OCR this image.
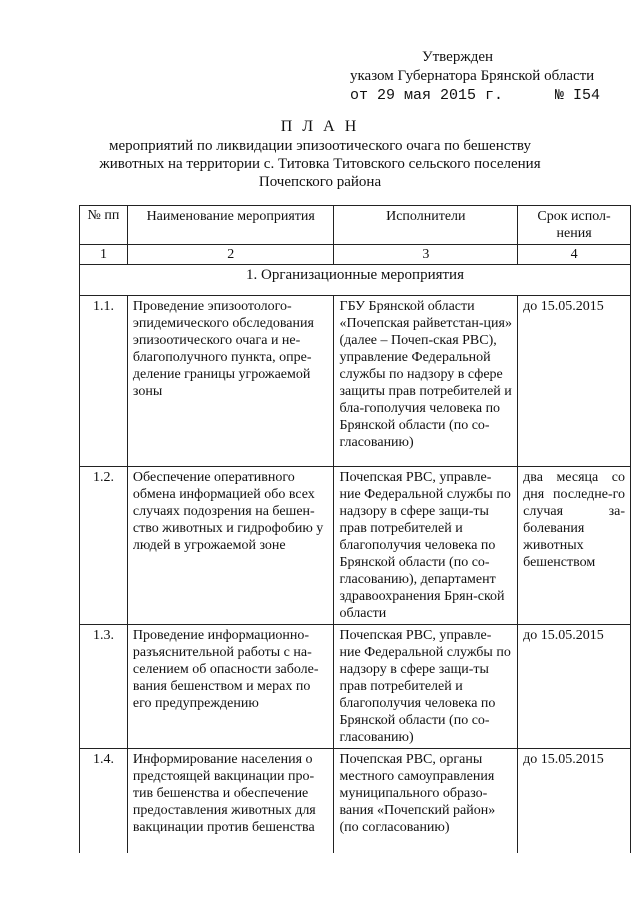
Утвержден
указом Губернатора Брянской области
от 29 мая 2015 г.	№ I54
П Л А Н
мероприятий по ликвидации эпизоотического очага по бешенству животных на территории с. Титовка Титовского сельского поселения Почепского района
№ пп	Наименование мероприятия	Исполнители	Срок испол-нения
1	2	3	4
1. Организационные мероприятия			
1.1.	Проведение эпизоотолого-эпидемического обследования эпизоотического очага и не-благополучного пункта, опре-деление границы угрожаемой зоны	ГБУ Брянской области «Почепская райветстан-ция» (далее – Почеп-ская РВС), управление Федеральной службы по надзору в сфере защиты прав потребителей и бла-гополучия человека по Брянской области (по со-гласованию)	до 15.05.2015
1.2.	Обеспечение оперативного обмена информацией обо всех случаях подозрения на бешен-ство животных и гидрофобию у людей в угрожаемой зоне	Почепская РВС, управле-ние Федеральной службы по надзору в сфере защи-ты прав потребителей и благополучия человека по Брянской области (по со-гласованию), департамент здравоохранения Брян-ской области	два месяца со дня последне-го случая за-болевания животных бешенством
1.3.	Проведение информационно-разъяснительной работы с на-селением об опасности заболе-вания бешенством и мерах по его предупреждению	Почепская РВС, управле-ние Федеральной службы по надзору в сфере защи-ты прав потребителей и благополучия человека по Брянской области (по со-гласованию)	до 15.05.2015
1.4.	Информирование населения о предстоящей вакцинации про-тив бешенства и обеспечение предоставления животных для вакцинации против бешенства	Почепская РВС, органы местного самоуправления муниципального образо-вания «Почепский район» (по согласованию)	до 15.05.2015
